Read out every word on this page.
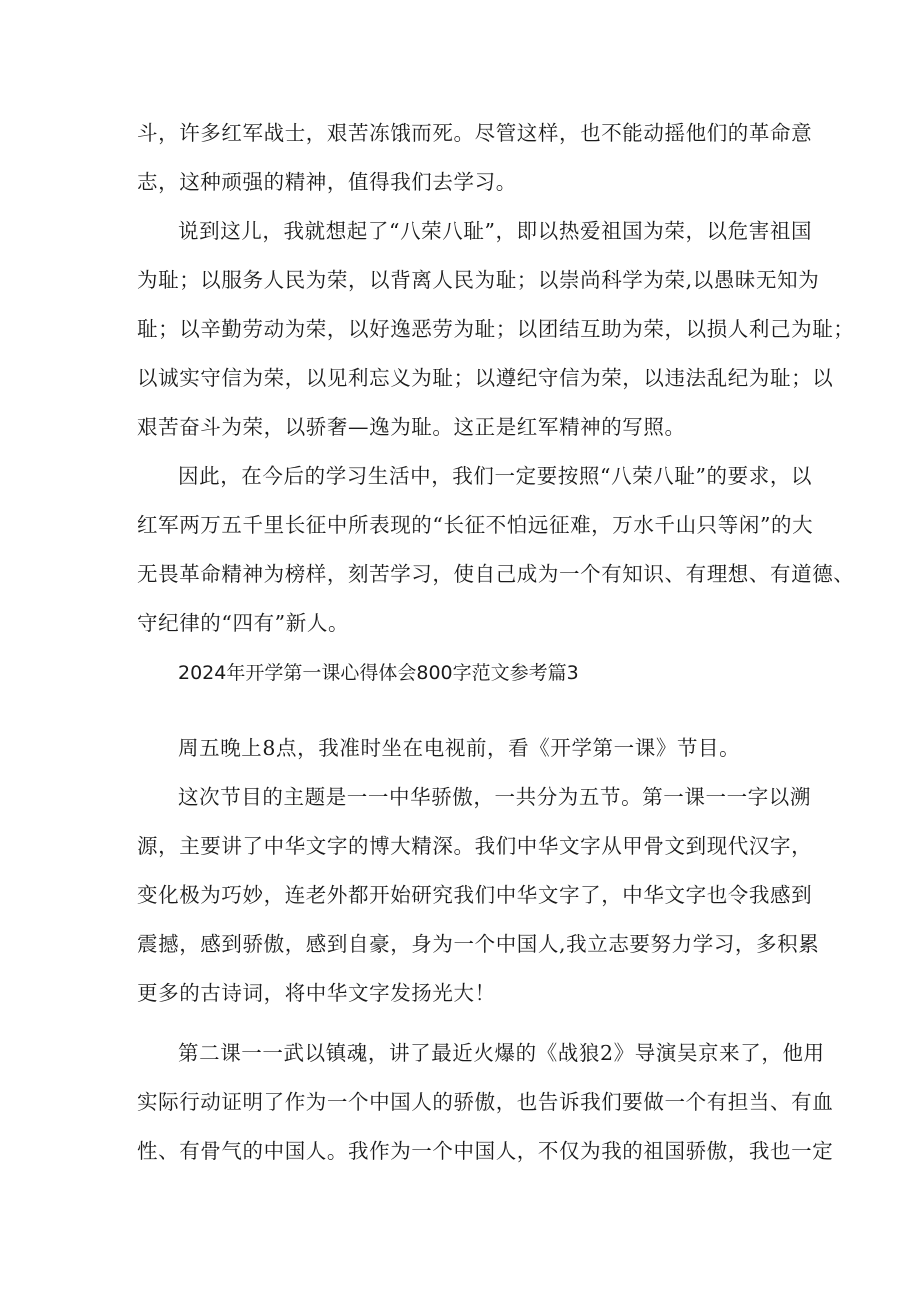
斗，许多红军战士，艰苦冻饿而死。尽管这样，也不能动摇他们的革命意
志，这种顽强的精神，值得我们去学习。
说到这儿，我就想起了“八荣八耻”，即以热爱祖国为荣，以危害祖国
为耻；以服务人民为荣，以背离人民为耻；以崇尚科学为荣,以愚昧无知为
耻；以辛勤劳动为荣，以好逸恶劳为耻；以团结互助为荣，以损人利己为耻；
以诚实守信为荣，以见利忘义为耻；以遵纪守信为荣，以违法乱纪为耻；以
艰苦奋斗为荣，以骄奢—逸为耻。这正是红军精神的写照。
因此，在今后的学习生活中，我们一定要按照“八荣八耻”的要求，以
红军两万五千里长征中所表现的“长征不怕远征难，万水千山只等闲”的大
无畏革命精神为榜样，刻苦学习，使自己成为一个有知识、有理想、有道德、
守纪律的“四有”新人。
2024年开学第一课心得体会800字范文参考篇3
周五晚上8点，我准时坐在电视前，看《开学第一课》节目。
这次节目的主题是一一中华骄傲，一共分为五节。第一课一一字以溯
源，主要讲了中华文字的博大精深。我们中华文字从甲骨文到现代汉字，
变化极为巧妙，连老外都开始研究我们中华文字了，中华文字也令我感到
震撼，感到骄傲，感到自豪，身为一个中国人,我立志要努力学习，多积累
更多的古诗词，将中华文字发扬光大！
第二课一一武以镇魂，讲了最近火爆的《战狼2》导演吴京来了，他用
实际行动证明了作为一个中国人的骄傲，也告诉我们要做一个有担当、有血
性、有骨气的中国人。我作为一个中国人，不仅为我的祖国骄傲，我也一定
